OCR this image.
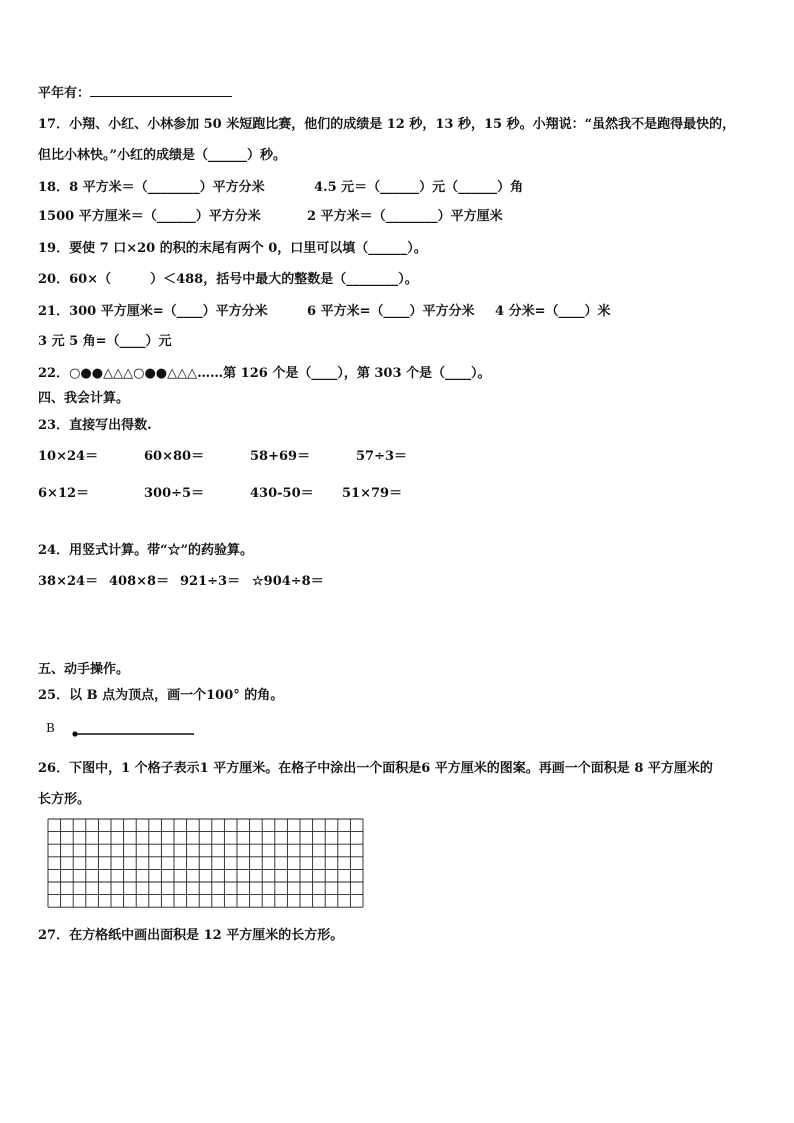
平年有：
17．小翔、小红、小林参加 50 米短跑比赛，他们的成绩是 12 秒，13 秒，15 秒。小翔说：“虽然我不是跑得最快的，
但比小林快。”小红的成绩是（______）秒。
18．8 平方米＝（________）平方分米	4.5 元＝（______）元（______）角
1500 平方厘米＝（______）平方分米	2 平方米＝（________）平方厘米
19．要使 7 口×20 的积的末尾有两个 0，口里可以填（______）。
20．60×（　　　）＜488，括号中最大的整数是（________）。
21．300 平方厘米=（____）平方分米	6 平方米=（____）平方分米 4 分米=（____）米
3 元 5 角=（____）元
22．○●●△△△○●●△△△……第 126 个是（____），第 303 个是（____）。
四、我会计算。
23．直接写出得数.
10×24＝	60×80＝	58+69＝	57÷3＝
6×12＝	300÷5＝	430-50＝ 51×79＝
24．用竖式计算。带“☆”的药验算。
38×24＝ 408×8＝ 921÷3＝ ☆904÷8＝
五、动手操作。
25．以 B 点为顶点，画一个100° 的角。
B
26．下图中，1 个格子表示1 平方厘米。在格子中涂出一个面积是6 平方厘米的图案。再画一个面积是 8 平方厘米的
长方形。
27．在方格纸中画出面积是 12 平方厘米的长方形。
